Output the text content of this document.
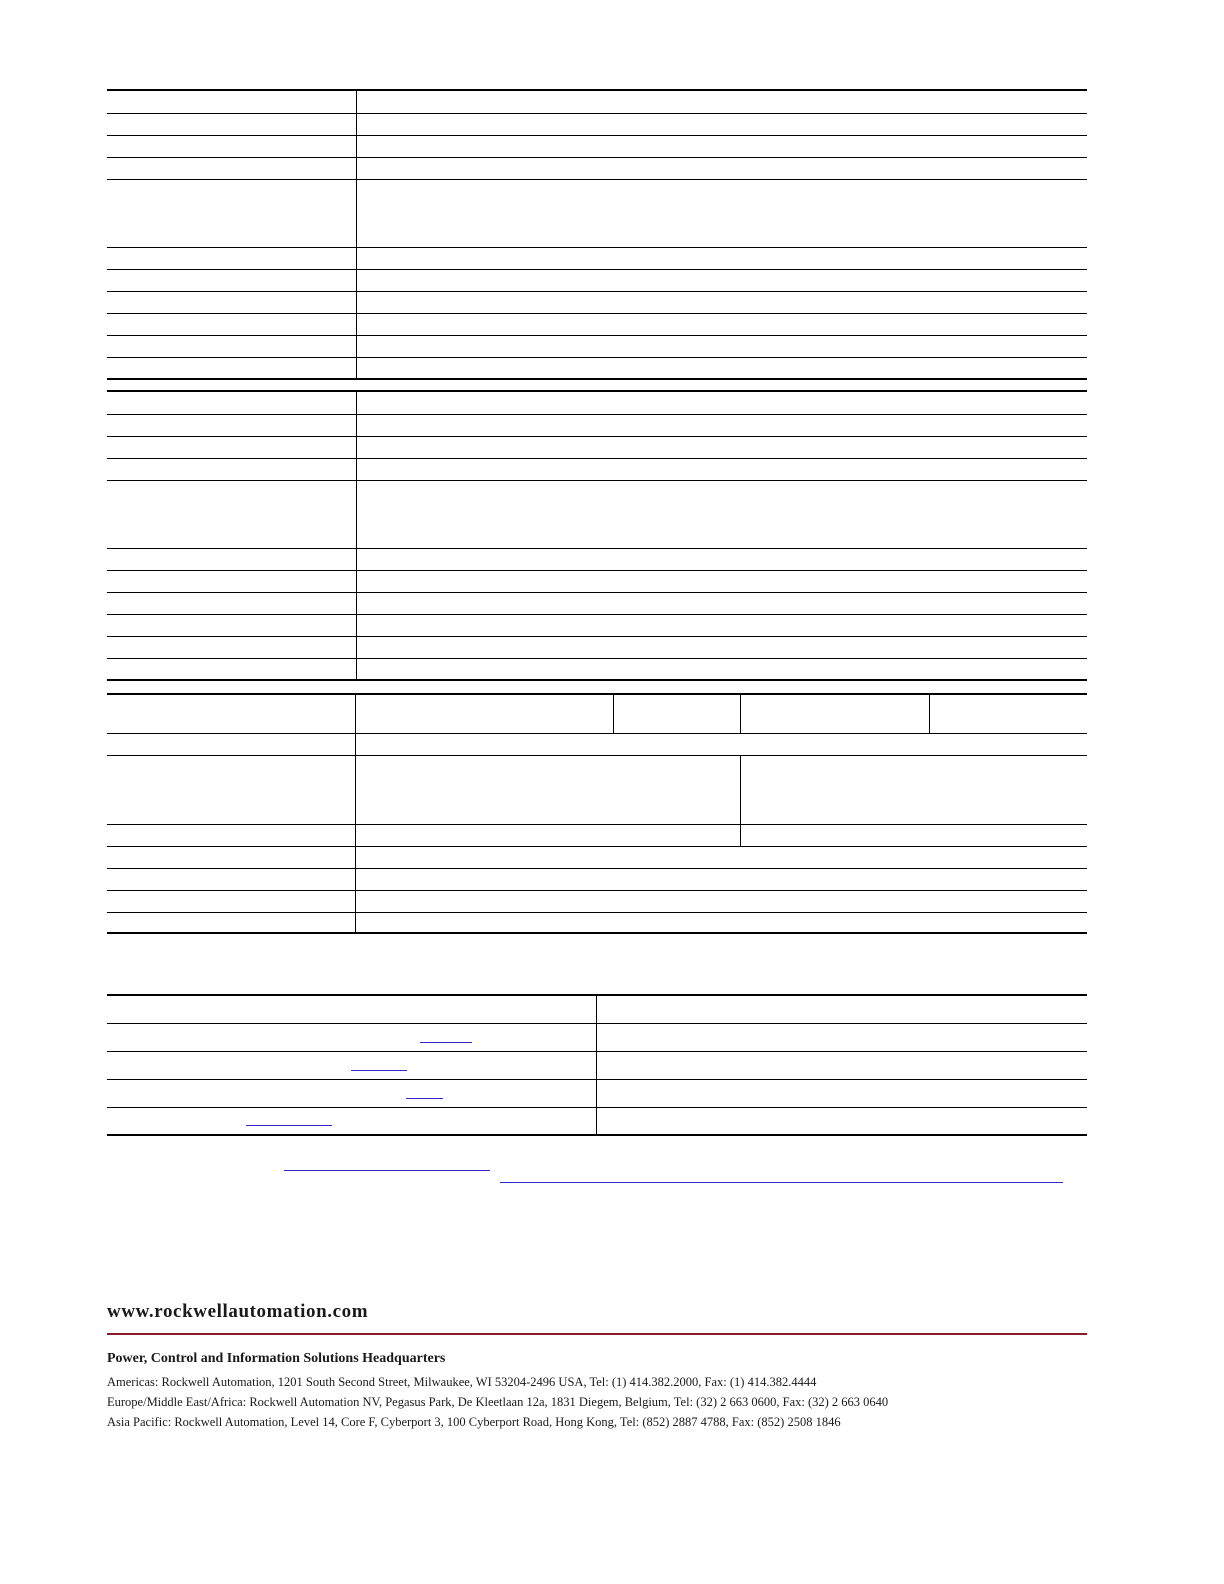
www.rockwellautomation.com
Power, Control and Information Solutions Headquarters
Americas: Rockwell Automation, 1201 South Second Street, Milwaukee, WI 53204-2496 USA, Tel: (1) 414.382.2000, Fax: (1) 414.382.4444
Europe/Middle East/Africa: Rockwell Automation NV, Pegasus Park, De Kleetlaan 12a, 1831 Diegem, Belgium, Tel: (32) 2 663 0600, Fax: (32) 2 663 0640
Asia Pacific: Rockwell Automation, Level 14, Core F, Cyberport 3, 100 Cyberport Road, Hong Kong, Tel: (852) 2887 4788, Fax: (852) 2508 1846
